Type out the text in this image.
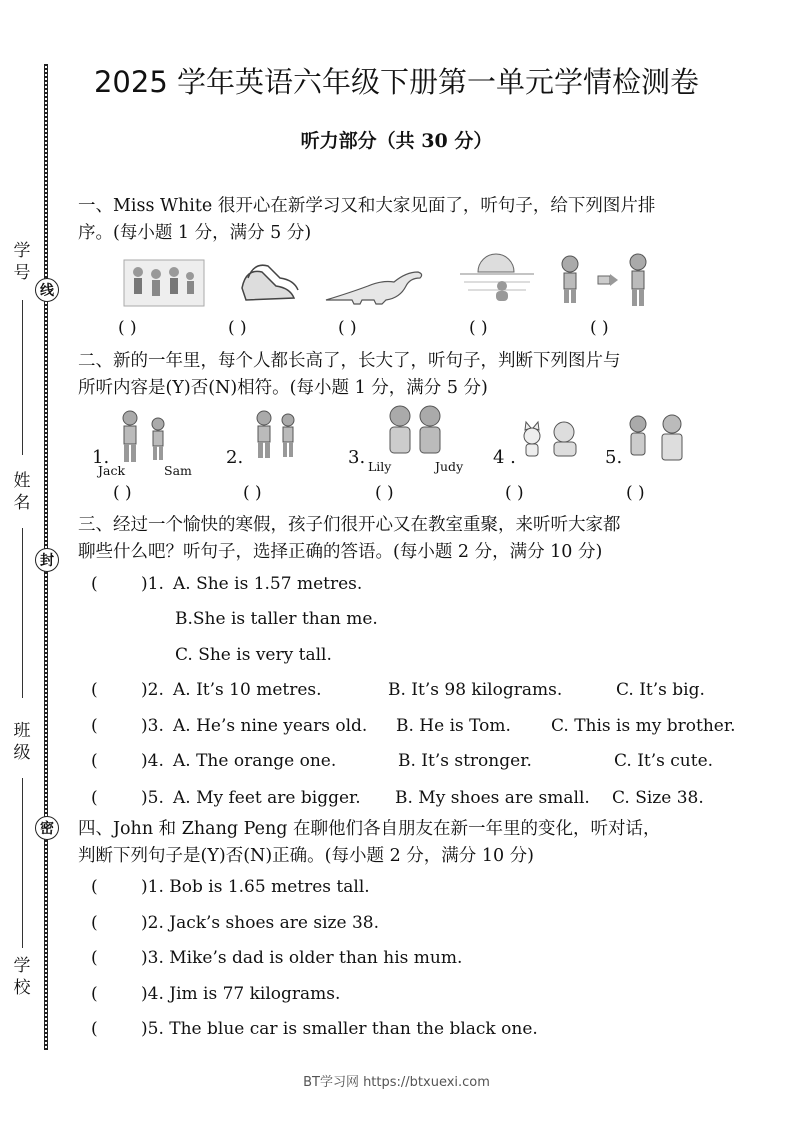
学号
姓名
班级
学校
线
封
密
2025 学年英语六年级下册第一单元学情检测卷
听力部分（共 30 分）
一、Miss White 很开心在新学习又和大家见面了，听句子，给下列图片排
序。(每小题 1 分，满分 5 分)
( )	( )	( )	( )	( )
二、新的一年里，每个人都长高了，长大了，听句子，判断下列图片与
所听内容是(Y)否(N)相符。(每小题 1 分，满分 5 分)
1.	2.	3.	4 .	5.
Jack	Sam	Lily	Judy
( )	( )	( )	( )	( )
三、经过一个愉快的寒假，孩子们很开心又在教室重聚，来听听大家都
聊些什么吧？听句子，选择正确的答语。(每小题 2 分，满分 10 分)
(	)1. A. She is 1.57 metres.
B.She is taller than me.
C. She is very tall.
(	)2. A. It’s 10 metres.	B. It’s 98 kilograms.	C. It’s big.
(	)3. A. He’s nine years old. B. He is Tom. C. This is my brother.
(	)4. A. The orange one.	B. It’s stronger.	C. It’s cute.
(	)5. A. My feet are bigger. B. My shoes are small. C. Size 38.
四、John 和 Zhang Peng 在聊他们各自朋友在新一年里的变化，听对话，
判断下列句子是(Y)否(N)正确。(每小题 2 分，满分 10 分)
(	)1. Bob is 1.65 metres tall.
(	)2. Jack’s shoes are size 38.
(	)3. Mike’s dad is older than his mum.
(	)4. Jim is 77 kilograms.
(	)5. The blue car is smaller than the black one.
BT学习网 https://btxuexi.com
